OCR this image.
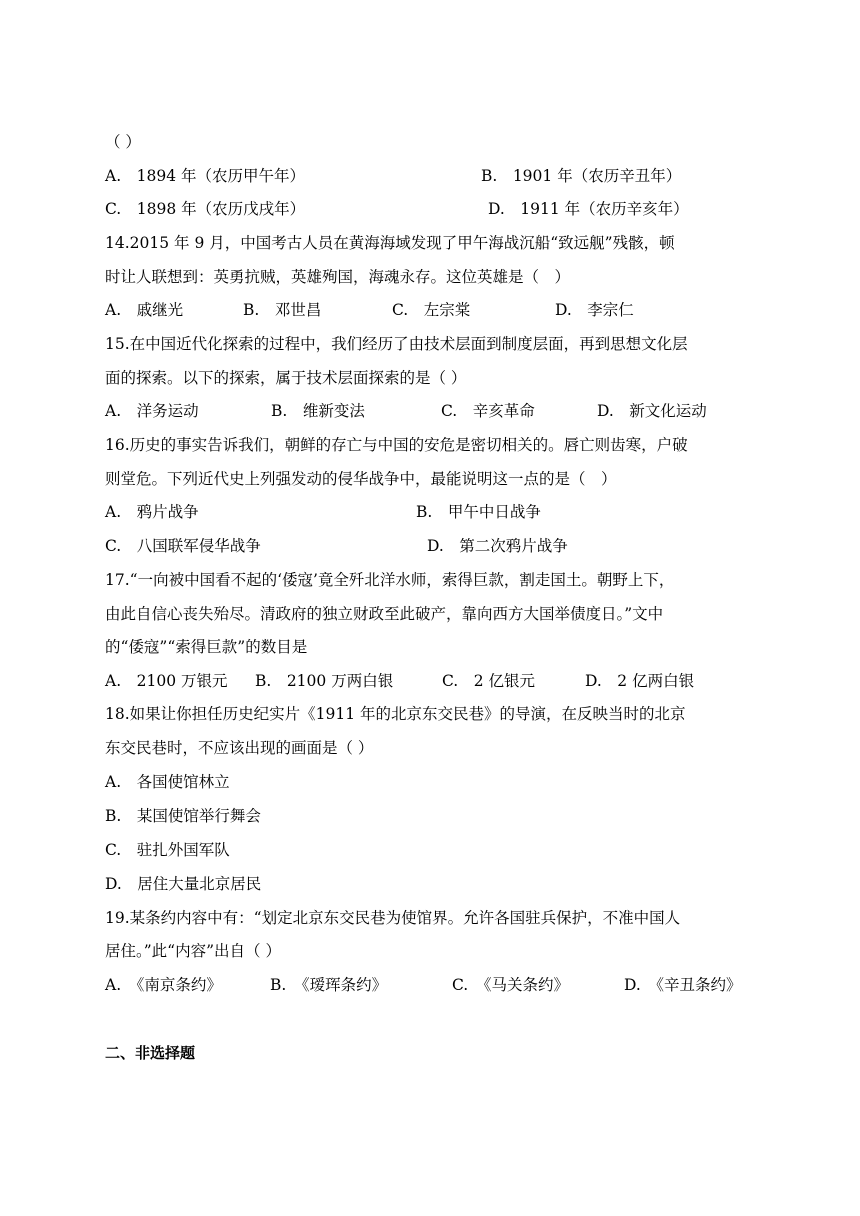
（ ）
A.　1894 年（农历甲午年）	B.　1901 年（农历辛丑年）
C.　1898 年（农历戊戌年）	D.　1911 年（农历辛亥年）
14.2015 年 9 月，中国考古人员在黄海海域发现了甲午海战沉船“致远舰”残骸，顿
时让人联想到：英勇抗贼，英雄殉国，海魂永存。这位英雄是（　）
A.　戚继光	B.　邓世昌	C.　左宗棠	D.　李宗仁
15.在中国近代化探索的过程中，我们经历了由技术层面到制度层面，再到思想文化层
面的探索。以下的探索，属于技术层面探索的是（ ）
A.　洋务运动	B.　维新变法	C.　辛亥革命	D.　新文化运动
16.历史的事实告诉我们，朝鲜的存亡与中国的安危是密切相关的。唇亡则齿寒，户破
则堂危。下列近代史上列强发动的侵华战争中，最能说明这一点的是（　）
A.　鸦片战争	B.　甲午中日战争
C.　八国联军侵华战争	D.　第二次鸦片战争
17.“一向被中国看不起的‘倭寇’竟全歼北洋水师，索得巨款，割走国土。朝野上下，
由此自信心丧失殆尽。清政府的独立财政至此破产，靠向西方大国举债度日。”文中
的“倭寇”“索得巨款”的数目是
A.　2100 万银元 B.　2100 万两白银	C.　2 亿银元	D.　2 亿两白银
18.如果让你担任历史纪实片《1911 年的北京东交民巷》的导演，在反映当时的北京
东交民巷时，不应该出现的画面是（ ）
A.　各国使馆林立
B.　某国使馆举行舞会
C.　驻扎外国军队
D.　居住大量北京居民
19.某条约内容中有：“划定北京东交民巷为使馆界。允许各国驻兵保护，不准中国人
居住。”此“内容”出自（ ）
A.　《南京条约》	B.　《瑷珲条约》	C.　《马关条约》	D.　《辛丑条约》
二、非选择题
